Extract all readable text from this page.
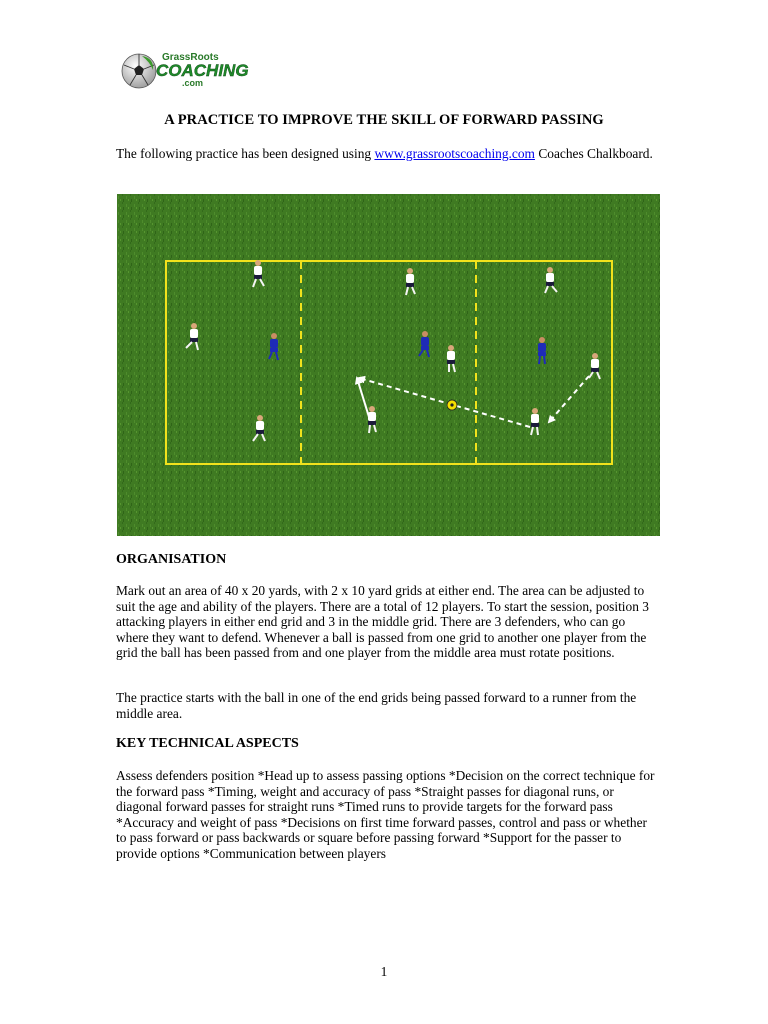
GrassRoots
COACHING
.com
A PRACTICE TO IMPROVE THE SKILL OF FORWARD PASSING

The following practice has been designed using www.grassrootscoaching.com Coaches Chalkboard.

ORGANISATION

Mark out an area of 40 x 20 yards, with 2 x 10 yard grids at either end. The area can be adjusted to suit the age and ability of the players. There are a total of 12 players. To start the session, position 3 attacking players in either end grid and 3 in the middle grid. There are 3 defenders, who can go where they want to defend. Whenever a ball is passed from one grid to another one player from the grid the ball has been passed from and one player from the middle area must rotate positions.

The practice starts with the ball in one of the end grids being passed forward to a runner from the middle area.

KEY TECHNICAL ASPECTS

Assess defenders position *Head up to assess passing options *Decision on the correct technique for the forward pass *Timing, weight and accuracy of pass *Straight passes for diagonal runs, or diagonal forward passes for straight runs *Timed runs to provide targets for the forward pass *Accuracy and weight of pass *Decisions on first time forward passes, control and pass or whether to pass forward or pass backwards or square before passing forward *Support for the passer to provide options *Communication between players

1
